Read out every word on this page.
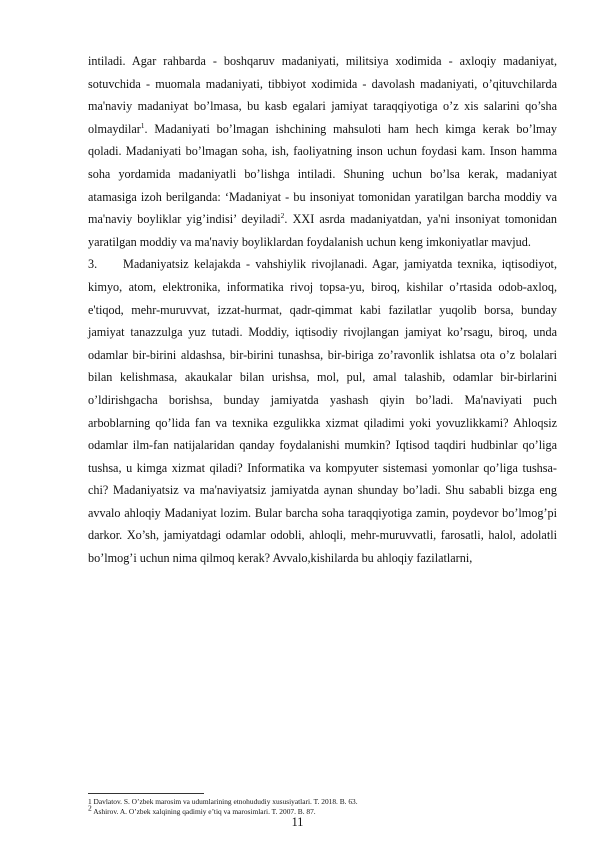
intiladi. Agar rahbarda - boshqaruv madaniyati, militsiya xodimida - axloqiy madaniyat, sotuvchida - muomala madaniyati, tibbiyot xodimida - davolash madaniyati, o’qituvchilarda ma'naviy madaniyat bo’lmasa, bu kasb egalari jamiyat taraqqiyotiga o’z xis salarini qo’sha olmaydilar$^1$. Madaniyati bo’lmagan ishchining mahsuloti ham hech kimga kerak bo’lmay qoladi. Madaniyati bo’lmagan soha, ish, faoliyatning inson uchun foydasi kam. Inson hamma soha yordamida madaniyatli bo’lishga intiladi. Shuning uchun bo’lsa kerak, madaniyat atamasiga izoh berilganda: ‘Madaniyat - bu insoniyat tomonidan yaratilgan barcha moddiy va ma'naviy boyliklar yig’indisi’ deyiladi$^2$. XXI asrda madaniyatdan, ya'ni insoniyat tomonidan yaratilgan moddiy va ma'naviy boyliklardan foydalanish uchun keng imkoniyatlar mavjud.

3. Madaniyatsiz kelajakda - vahshiylik rivojlanadi. Agar, jamiyatda texnika, iqtisodiyot, kimyo, atom, elektronika, informatika rivoj topsa-yu, biroq, kishilar o’rtasida odob-axloq, e'tiqod, mehr-muruvvat, izzat-hurmat, qadr-qimmat kabi fazilatlar yuqolib borsa, bunday jamiyat tanazzulga yuz tutadi. Moddiy, iqtisodiy rivojlangan jamiyat ko’rsagu, biroq, unda odamlar bir-birini aldashsa, bir-birini tunashsa, bir-biriga zo’ravonlik ishlatsa ota o’z bolalari bilan kelishmasa, akaukalar bilan urishsa, mol, pul, amal talashib, odamlar bir-birlarini o’ldirishgacha borishsa, bunday jamiyatda yashash qiyin bo’ladi. Ma'naviyati puch arboblarning qo’lida fan va texnika ezgulikka xizmat qiladimi yoki yovuzlikkami? Ahloqsiz odamlar ilm-fan natijalaridan qanday foydalanishi mumkin? Iqtisod taqdiri hudbinlar qo’liga tushsa, u kimga xizmat qiladi? Informatika va kompyuter sistemasi yomonlar qo’liga tushsa-chi? Madaniyatsiz va ma'naviyatsiz jamiyatda aynan shunday bo’ladi. Shu sababli bizga eng avvalo ahloqiy Madaniyat lozim. Bular barcha soha taraqqiyotiga zamin, poydevor bo’lmog’pi darkor. Xo’sh, jamiyatdagi odamlar odobli, ahloqli, mehr-muruvvatli, farosatli, halol, adolatli bo’lmog’i uchun nima qilmoq kerak? Avvalo,kishilarda bu ahloqiy fazilatlarni,

1 Davlatov. S. O’zbek marosim va udumlarining etnohududiy xususiyatlari. T. 2018. B. 63.

$^2$ Ashirov. A. O’zbek xalqining qadimiy e’tiq va marosimlari. T. 2007. B. 87.

11
